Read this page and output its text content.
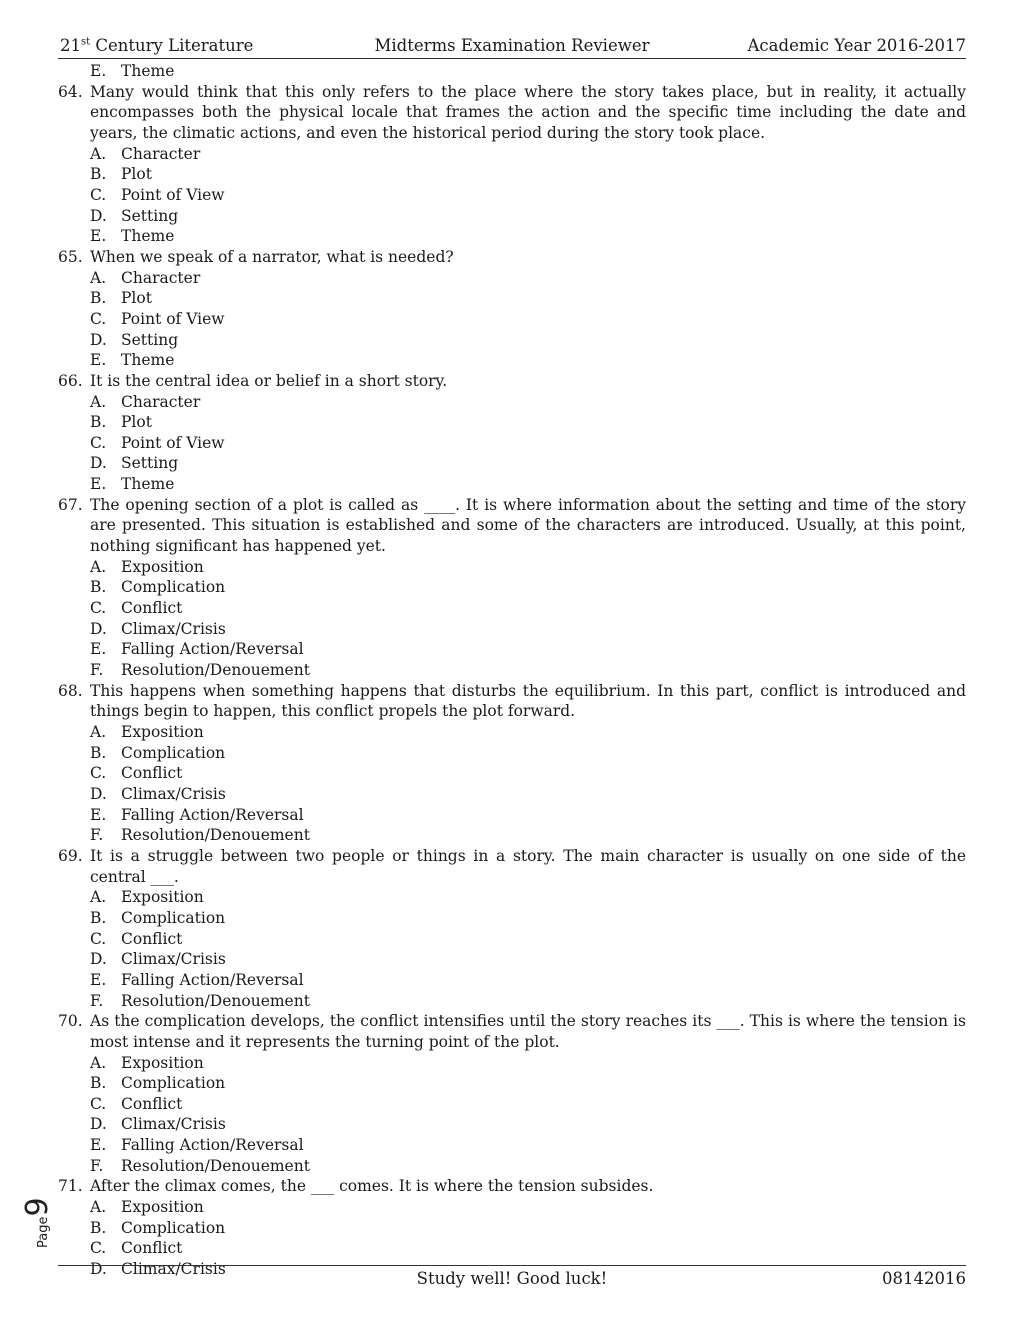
21st Century Literature	Midterms Examination Reviewer	Academic Year 2016-2017
E. Theme
64. Many would think that this only refers to the place where the story takes place, but in reality, it actually encompasses both the physical locale that frames the action and the specific time including the date and years, the climatic actions, and even the historical period during the story took place.
A. Character
B. Plot
C. Point of View
D. Setting
E. Theme
65. When we speak of a narrator, what is needed?
A. Character
B. Plot
C. Point of View
D. Setting
E. Theme
66. It is the central idea or belief in a short story.
A. Character
B. Plot
C. Point of View
D. Setting
E. Theme
67. The opening section of a plot is called as ____. It is where information about the setting and time of the story are presented. This situation is established and some of the characters are introduced. Usually, at this point, nothing significant has happened yet.
A. Exposition
B. Complication
C. Conflict
D. Climax/Crisis
E. Falling Action/Reversal
F. Resolution/Denouement
68. This happens when something happens that disturbs the equilibrium. In this part, conflict is introduced and things begin to happen, this conflict propels the plot forward.
A. Exposition
B. Complication
C. Conflict
D. Climax/Crisis
E. Falling Action/Reversal
F. Resolution/Denouement
69. It is a struggle between two people or things in a story. The main character is usually on one side of the central ___.
A. Exposition
B. Complication
C. Conflict
D. Climax/Crisis
E. Falling Action/Reversal
F. Resolution/Denouement
70. As the complication develops, the conflict intensifies until the story reaches its ___. This is where the tension is most intense and it represents the turning point of the plot.
A. Exposition
B. Complication
C. Conflict
D. Climax/Crisis
E. Falling Action/Reversal
F. Resolution/Denouement
71. After the climax comes, the ___ comes. It is where the tension subsides.
A. Exposition
B. Complication
C. Conflict
D. Climax/Crisis
Page9
Study well! Good luck!	08142016
